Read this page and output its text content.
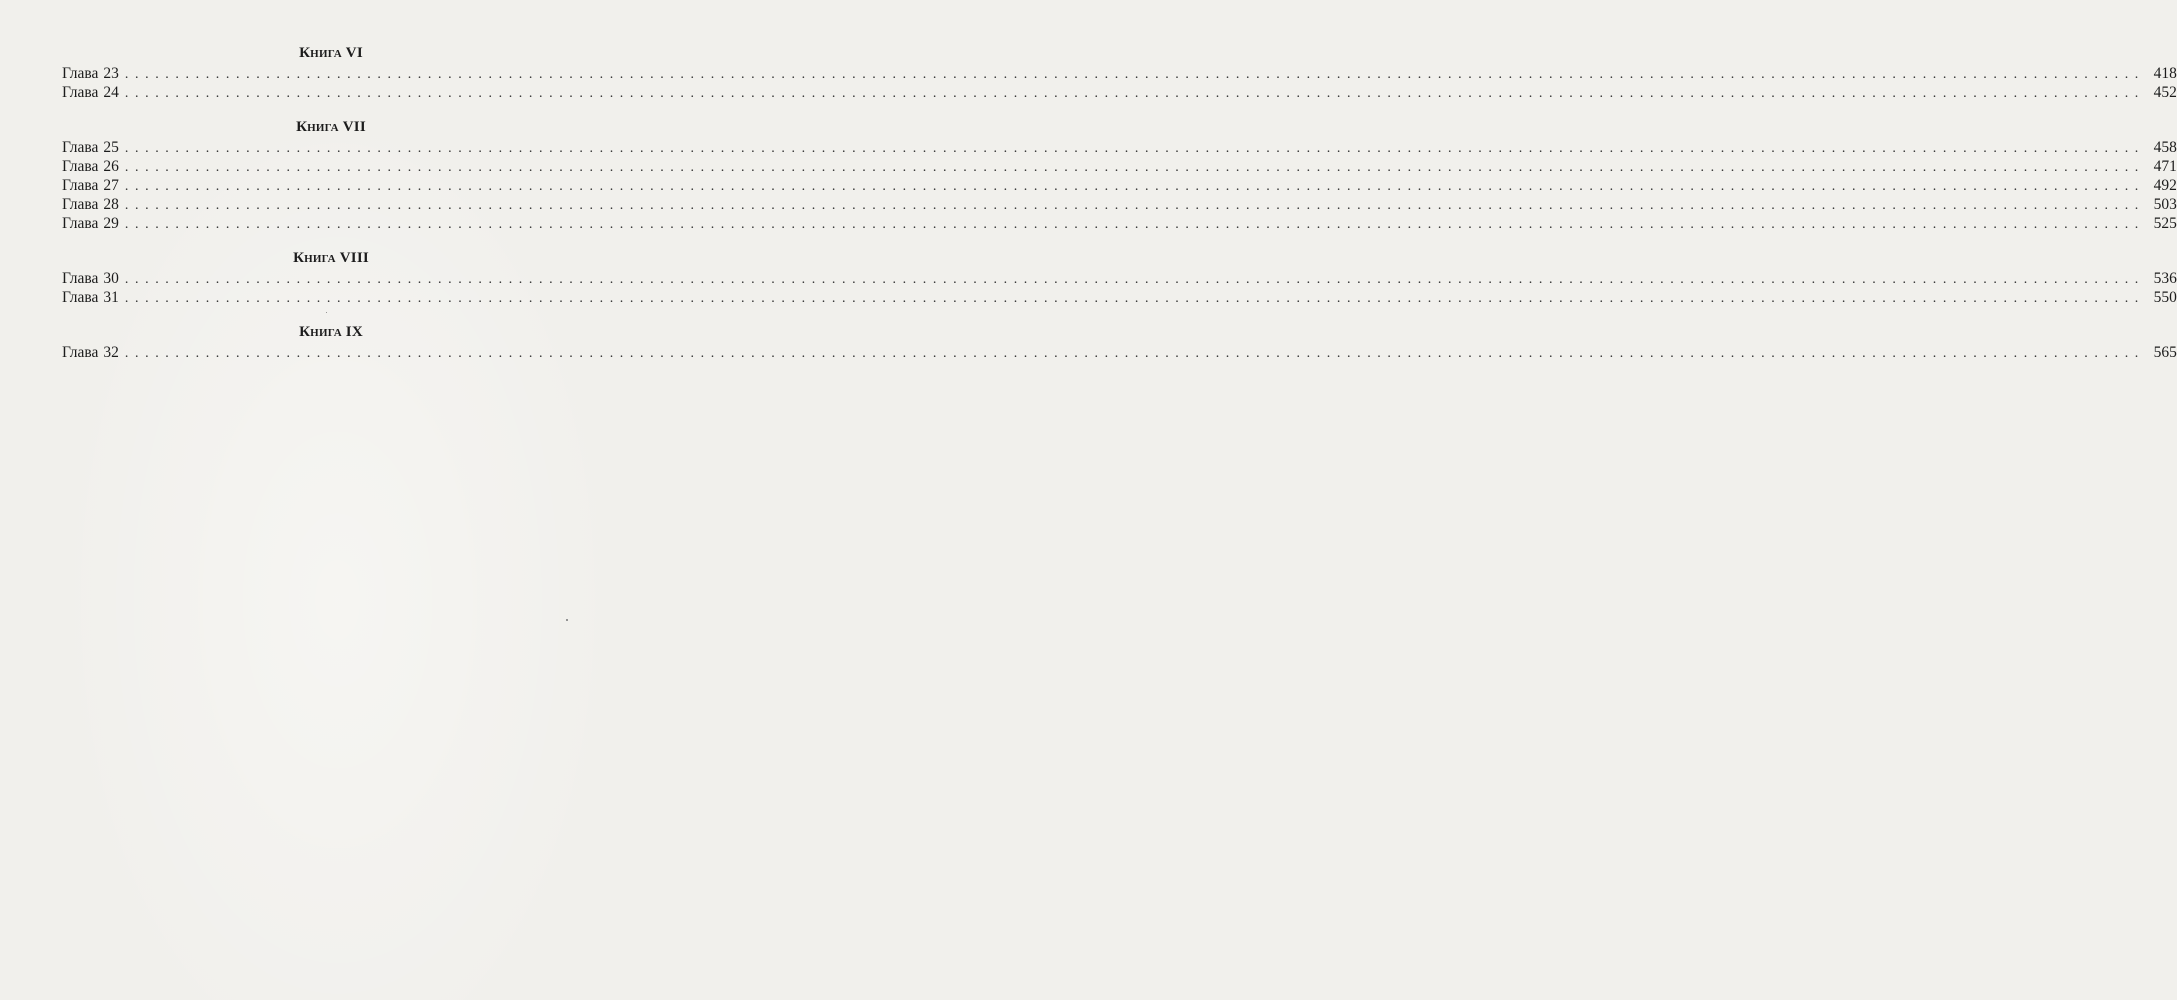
Книга VI
Глава 23 ........................................................................................................................................................................................................ 418
Глава 24 ........................................................................................................................................................................................................ 452
Книга VII
Глава 25 ........................................................................................................................................................................................................ 458
Глава 26 ........................................................................................................................................................................................................ 471
Глава 27 ........................................................................................................................................................................................................ 492
Глава 28 ........................................................................................................................................................................................................ 503
Глава 29 ........................................................................................................................................................................................................ 525
Книга VIII
Глава 30 ........................................................................................................................................................................................................ 536
Глава 31 ........................................................................................................................................................................................................ 550
Книга IX
Глава 32 ........................................................................................................................................................................................................ 565
